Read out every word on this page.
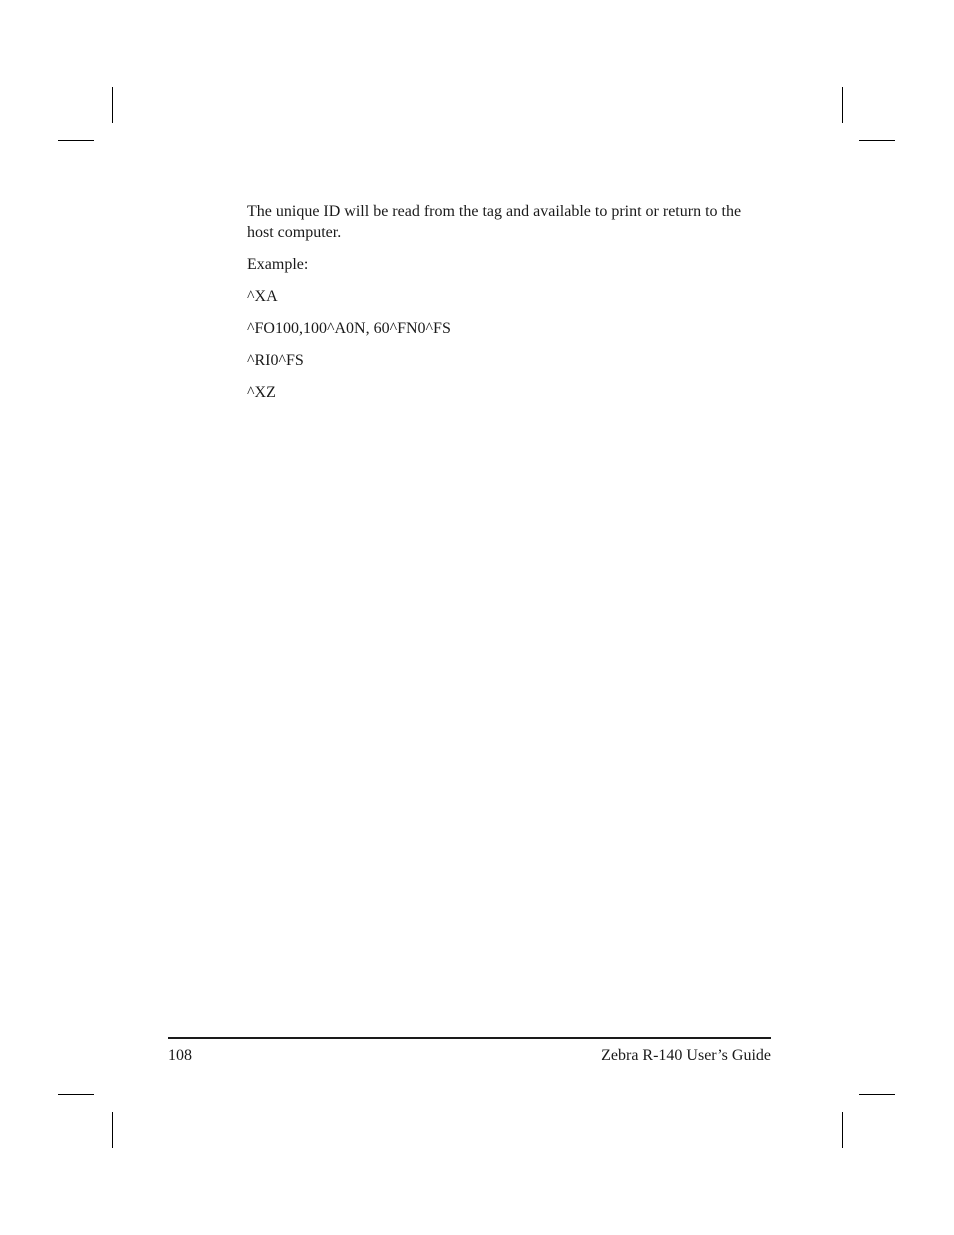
The unique ID will be read from the tag and available to print or return to the host computer.
Example:
^XA
^FO100,100^A0N, 60^FN0^FS
^RI0^FS
^XZ
108	Zebra R-140 User’s Guide
